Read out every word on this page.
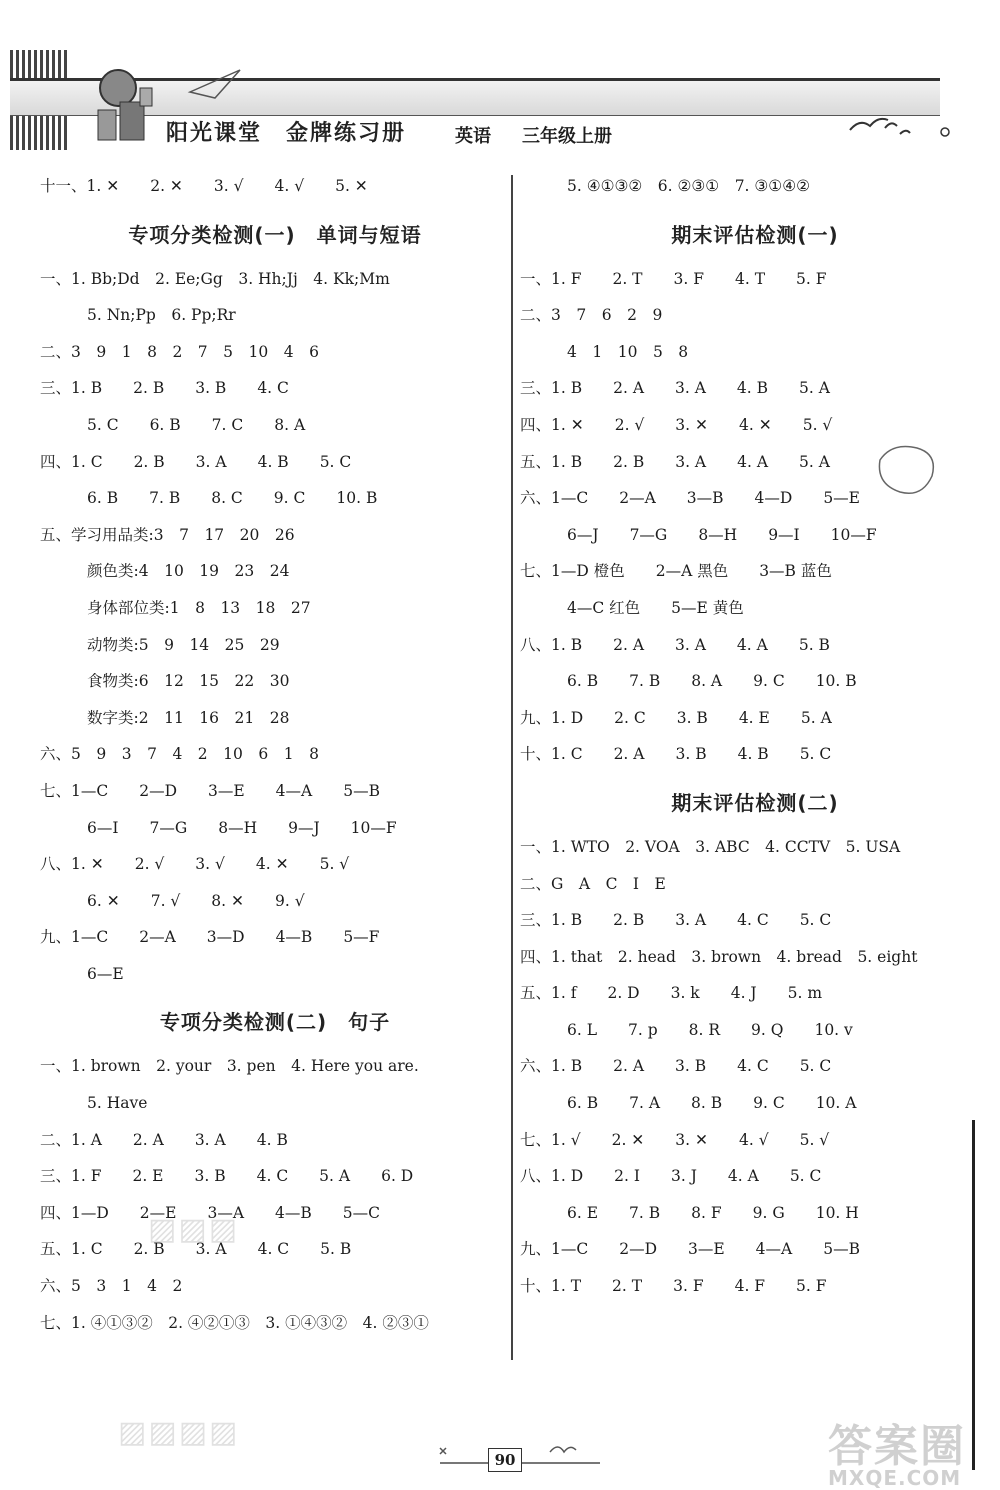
阳光课堂　金牌练习册	英语 三年级上册
十一、1. ✕　　2. ✕　　3. √　　4. √　　5. ✕
专项分类检测(一)　单词与短语
一、1. Bb;Dd　2. Ee;Gg　3. Hh;Jj　4. Kk;Mm
5. Nn;Pp　6. Pp;Rr
二、3　9　1　8　2　7　5　10　4　6
三、1. B　　2. B　　3. B　　4. C
5. C　　6. B　　7. C　　8. A
四、1. C　　2. B　　3. A　　4. B　　5. C
6. B　　7. B　　8. C　　9. C　　10. B
五、学习用品类:3　7　17　20　26
颜色类:4　10　19　23　24
身体部位类:1　8　13　18　27
动物类:5　9　14　25　29
食物类:6　12　15　22　30
数字类:2　11　16　21　28
六、5　9　3　7　4　2　10　6　1　8
七、1—C　　2—D　　3—E　　4—A　　5—B
6—I　　7—G　　8—H　　9—J　　10—F
八、1. ✕　　2. √　　3. √　　4. ✕　　5. √
6. ✕　　7. √　　8. ✕　　9. √
九、1—C　　2—A　　3—D　　4—B　　5—F
6—E
专项分类检测(二)　句子
一、1. brown　2. your　3. pen　4. Here you are.
5. Have
二、1. A　　2. A　　3. A　　4. B
三、1. F　　2. E　　3. B　　4. C　　5. A　　6. D
四、1—D　　2—E　　3—A　　4—B　　5—C
五、1. C　　2. B　　3. A　　4. C　　5. B
六、5　3　1　4　2
七、1. ④①③②　2. ④②①③　3. ①④③②　4. ②③①
5. ④①③②　6. ②③①　7. ③①④②
期末评估检测(一)
一、1. F　　2. T　　3. F　　4. T　　5. F
二、3　7　6　2　9
4　1　10　5　8
三、1. B　　2. A　　3. A　　4. B　　5. A
四、1. ✕　　2. √　　3. ✕　　4. ✕　　5. √
五、1. B　　2. B　　3. A　　4. A　　5. A
六、1—C　　2—A　　3—B　　4—D　　5—E
6—J　　7—G　　8—H　　9—I　　10—F
七、1—D 橙色　　2—A 黑色　　3—B 蓝色
4—C 红色　　5—E 黄色
八、1. B　　2. A　　3. A　　4. A　　5. B
6. B　　7. B　　8. A　　9. C　　10. B
九、1. D　　2. C　　3. B　　4. E　　5. A
十、1. C　　2. A　　3. B　　4. B　　5. C
期末评估检测(二)
一、1. WTO　2. VOA　3. ABC　4. CCTV　5. USA
二、G　A　C　I　E
三、1. B　　2. B　　3. A　　4. C　　5. C
四、1. that　2. head　3. brown　4. bread　5. eight
五、1. f　　2. D　　3. k　　4. J　　5. m
6. L　　7. p　　8. R　　9. Q　　10. v
六、1. B　　2. A　　3. B　　4. C　　5. C
6. B　　7. A　　8. B　　9. C　　10. A
七、1. √　　2. ✕　　3. ✕　　4. √　　5. √
八、1. D　　2. I　　3. J　　4. A　　5. C
6. E　　7. B　　8. F　　9. G　　10. H
九、1—C　　2—D　　3—E　　4—A　　5—B
十、1. T　　2. T　　3. F　　4. F　　5. F
▨▨▨
▨▨▨▨
90	答案圈
MXQE.COM
